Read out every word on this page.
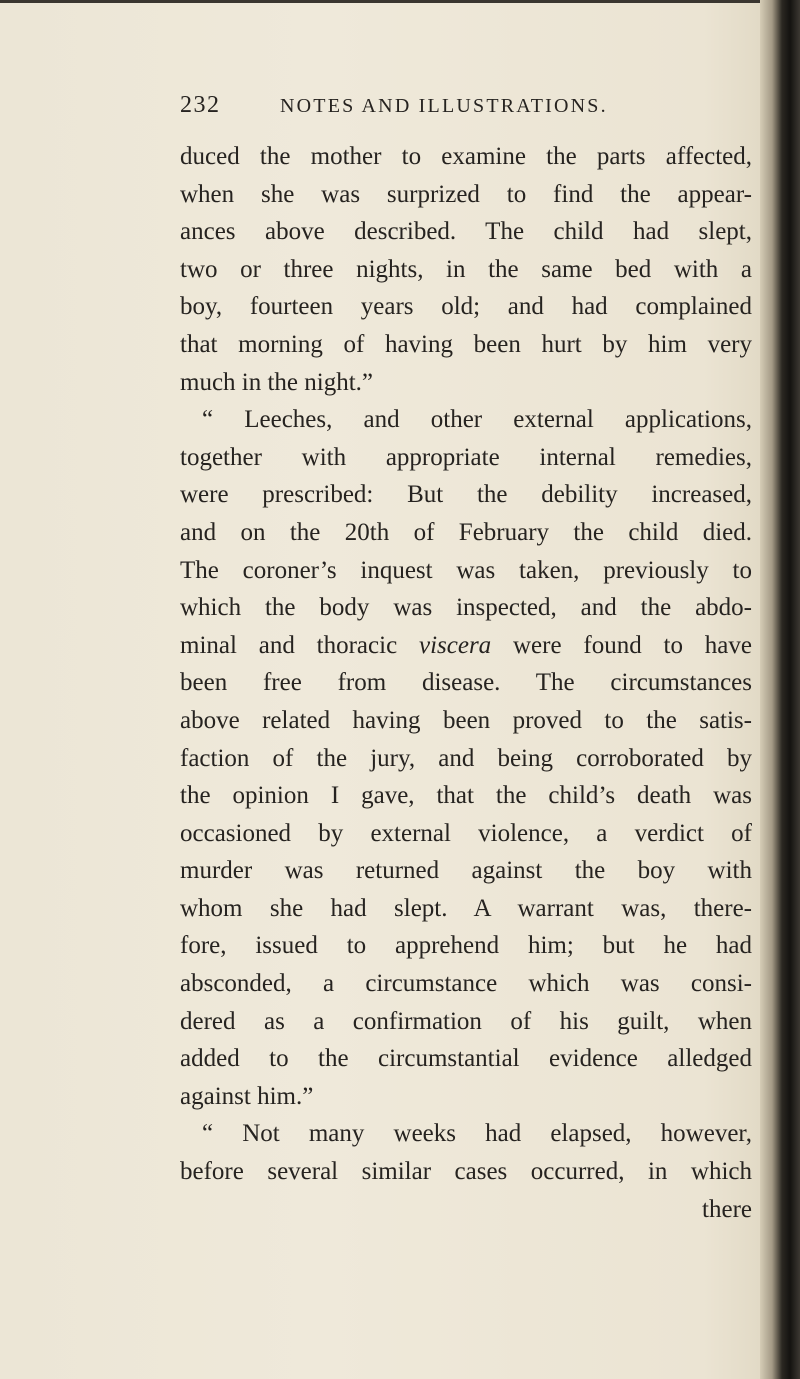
232	NOTES AND ILLUSTRATIONS.
duced the mother to examine the parts affected,
when she was surprized to find the appear-
ances above described. The child had slept,
two or three nights, in the same bed with a
boy, fourteen years old; and had complained
that morning of having been hurt by him very
much in the night.”
“ Leeches, and other external applications,
together with appropriate internal remedies,
were prescribed: But the debility increased,
and on the 20th of February the child died.
The coroner’s inquest was taken, previously to
which the body was inspected, and the abdo-
minal and thoracic viscera were found to have
been free from disease. The circumstances
above related having been proved to the satis-
faction of the jury, and being corroborated by
the opinion I gave, that the child’s death was
occasioned by external violence, a verdict of
murder was returned against the boy with
whom she had slept. A warrant was, there-
fore, issued to apprehend him; but he had
absconded, a circumstance which was consi-
dered as a confirmation of his guilt, when
added to the circumstantial evidence alledged
against him.”
“ Not many weeks had elapsed, however,
before several similar cases occurred, in which
there
